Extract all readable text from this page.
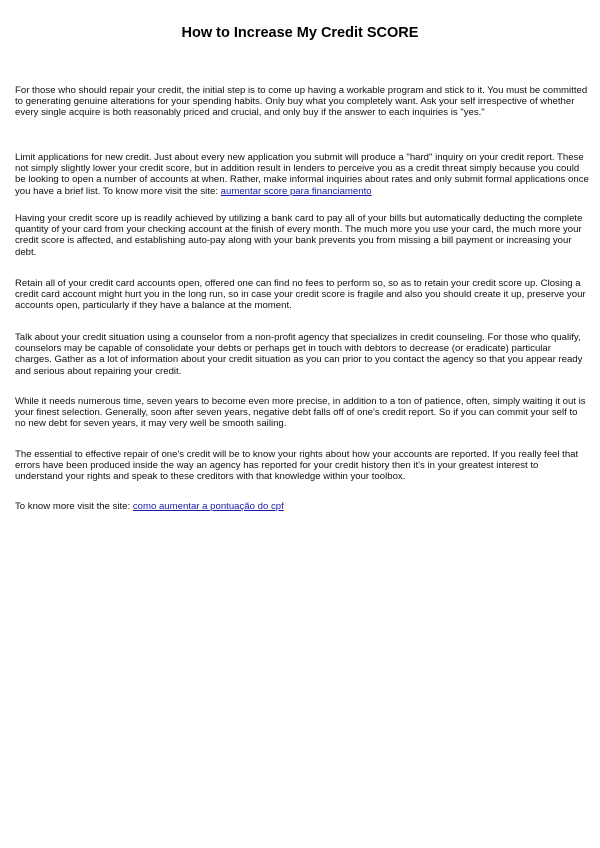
How to Increase My Credit SCORE

For those who should repair your credit, the initial step is to come up having a workable program and stick to it. You must be committed to generating genuine alterations for your spending habits. Only buy what you completely want. Ask your self irrespective of whether every single acquire is both reasonably priced and crucial, and only buy if the answer to each inquiries is "yes."

Limit applications for new credit. Just about every new application you submit will produce a "hard" inquiry on your credit report. These not simply slightly lower your credit score, but in addition result in lenders to perceive you as a credit threat simply because you could be looking to open a number of accounts at when. Rather, make informal inquiries about rates and only submit formal applications once you have a brief list. To know more visit the site: aumentar score para financiamento

Having your credit score up is readily achieved by utilizing a bank card to pay all of your bills but automatically deducting the complete quantity of your card from your checking account at the finish of every month. The much more you use your card, the much more your credit score is affected, and establishing auto-pay along with your bank prevents you from missing a bill payment or increasing your debt.

Retain all of your credit card accounts open, offered one can find no fees to perform so, so as to retain your credit score up. Closing a credit card account might hurt you in the long run, so in case your credit score is fragile and also you should create it up, preserve your accounts open, particularly if they have a balance at the moment.

Talk about your credit situation using a counselor from a non-profit agency that specializes in credit counseling. For those who qualify, counselors may be capable of consolidate your debts or perhaps get in touch with debtors to decrease (or eradicate) particular charges. Gather as a lot of information about your credit situation as you can prior to you contact the agency so that you appear ready and serious about repairing your credit.

While it needs numerous time, seven years to become even more precise, in addition to a ton of patience, often, simply waiting it out is your finest selection. Generally, soon after seven years, negative debt falls off of one's credit report. So if you can commit your self to no new debt for seven years, it may very well be smooth sailing.

The essential to effective repair of one's credit will be to know your rights about how your accounts are reported. If you really feel that errors have been produced inside the way an agency has reported for your credit history then it's in your greatest interest to understand your rights and speak to these creditors with that knowledge within your toolbox.

To know more visit the site: como aumentar a pontuação do cpf
